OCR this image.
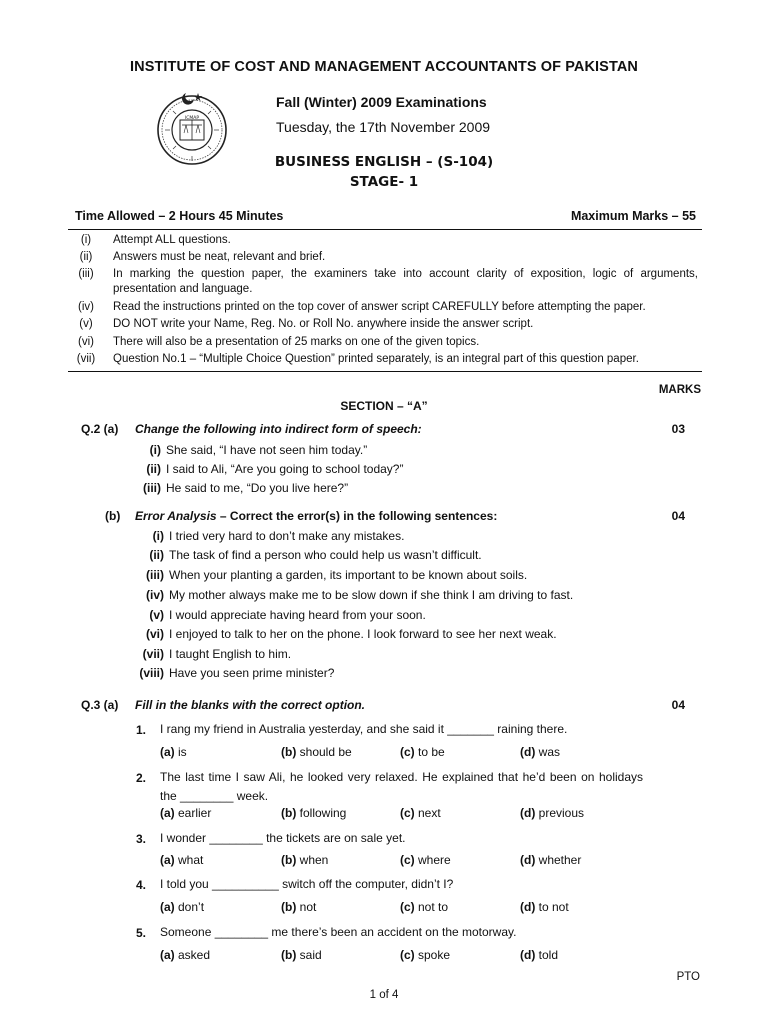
INSTITUTE OF COST AND MANAGEMENT ACCOUNTANTS OF PAKISTAN
ICMAP
Fall (Winter) 2009 Examinations
Tuesday, the 17th November 2009
BUSINESS ENGLISH – (S-104)
STAGE- 1
Time Allowed – 2 Hours 45 Minutes	Maximum Marks – 55
(i)	Attempt ALL questions.
(ii)	Answers must be neat, relevant and brief.
(iii)	In marking the question paper, the examiners take into account clarity of exposition, logic of arguments, presentation and language.
(iv)	Read the instructions printed on the top cover of answer script CAREFULLY before attempting the paper.
(v)	DO NOT write your Name, Reg. No. or Roll No. anywhere inside the answer script.
(vi)	There will also be a presentation of 25 marks on one of the given topics.
(vii)	Question No.1 – “Multiple Choice Question” printed separately, is an integral part of this question paper.
MARKS
SECTION – “A”
Q.2 (a) Change the following into indirect form of speech:	03
(i) She said, “I have not seen him today.”
(ii) I said to Ali, “Are you going to school today?”
(iii) He said to me, “Do you live here?”
(b) Error Analysis – Correct the error(s) in the following sentences:	04
(i) I tried very hard to don’t make any mistakes.
(ii) The task of find a person who could help us wasn’t difficult.
(iii) When your planting a garden, its important to be known about soils.
(iv) My mother always make me to be slow down if she think I am driving to fast.
(v) I would appreciate having heard from your soon.
(vi) I enjoyed to talk to her on the phone. I look forward to see her next weak.
(vii) I taught English to him.
(viii) Have you seen prime minister?
Q.3 (a) Fill in the blanks with the correct option.	04
1. I rang my friend in Australia yesterday, and she said it _______ raining there.
(a) is	(b) should be	(c) to be	(d) was
2. The last time I saw Ali, he looked very relaxed. He explained that he’d been on holidays the ________ week.
(a) earlier	(b) following	(c) next	(d) previous
3. I wonder ________ the tickets are on sale yet.
(a) what	(b) when	(c) where	(d) whether
4. I told you __________ switch off the computer, didn’t I?
(a) don’t	(b) not	(c) not to	(d) to not
5. Someone ________ me there’s been an accident on the motorway.
(a) asked	(b) said	(c) spoke	(d) told
PTO
1 of 4
